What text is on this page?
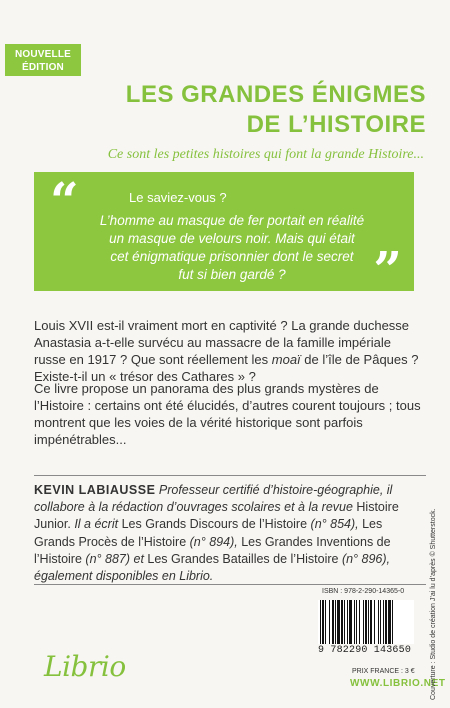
NOUVELLE
ÉDITION
LES GRANDES ÉNIGMES
DE L’HISTOIRE
Ce sont les petites histoires qui font la grande Histoire...
“	Le saviez-vous ?
L’homme au masque de fer portait en réalité
un masque de velours noir. Mais qui était
cet énigmatique prisonnier dont le secret
fut si bien gardé ?	”
Louis XVII est-il vraiment mort en captivité ? La grande duchesse Anastasia a-t-elle survécu au massacre de la famille impériale russe en 1917 ? Que sont réellement les moaï de l’île de Pâques ? Existe-t-il un « trésor des Cathares » ?
Ce livre propose un panorama des plus grands mystères de l’Histoire : certains ont été élucidés, d’autres courent toujours ; tous montrent que les voies de la vérité historique sont parfois impénétrables...
KEVIN LABIAUSSE Professeur certifié d’histoire-géographie, il collabore à la rédaction d’ouvrages scolaires et à la revue Histoire Junior. Il a écrit Les Grands Discours de l’Histoire (n° 854), Les Grands Procès de l’Histoire (n° 894), Les Grandes Inventions de l’Histoire (n° 887) et Les Grandes Batailles de l’Histoire (n° 896), également disponibles en Librio.
Librio
ISBN : 978-2-290-14365-0
9 782290 143650
PRIX FRANCE : 3 €
WWW.LIBRIO.NET
Couverture : Studio de création J’ai lu d’après © Shutterstock.
